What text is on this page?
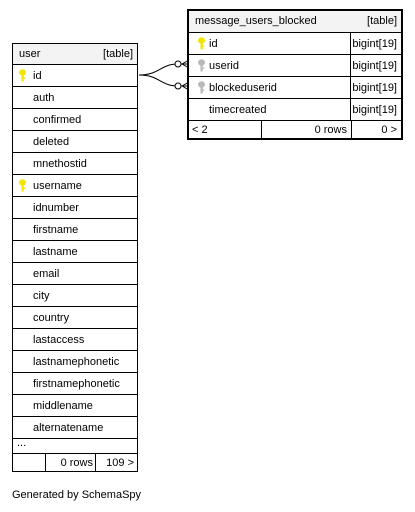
user	[table]
id
auth
confirmed
deleted
mnethostid
username
idnumber
firstname
lastname
email
city
country
lastaccess
lastnamephonetic
firstnamephonetic
middlename
alternatename
...
0 rows 109 >
message_users_blocked	[table]
id	bigint[19]
userid	bigint[19]
blockeduserid	bigint[19]
timecreated	bigint[19]
< 2	0 rows	0 >
Generated by SchemaSpy
